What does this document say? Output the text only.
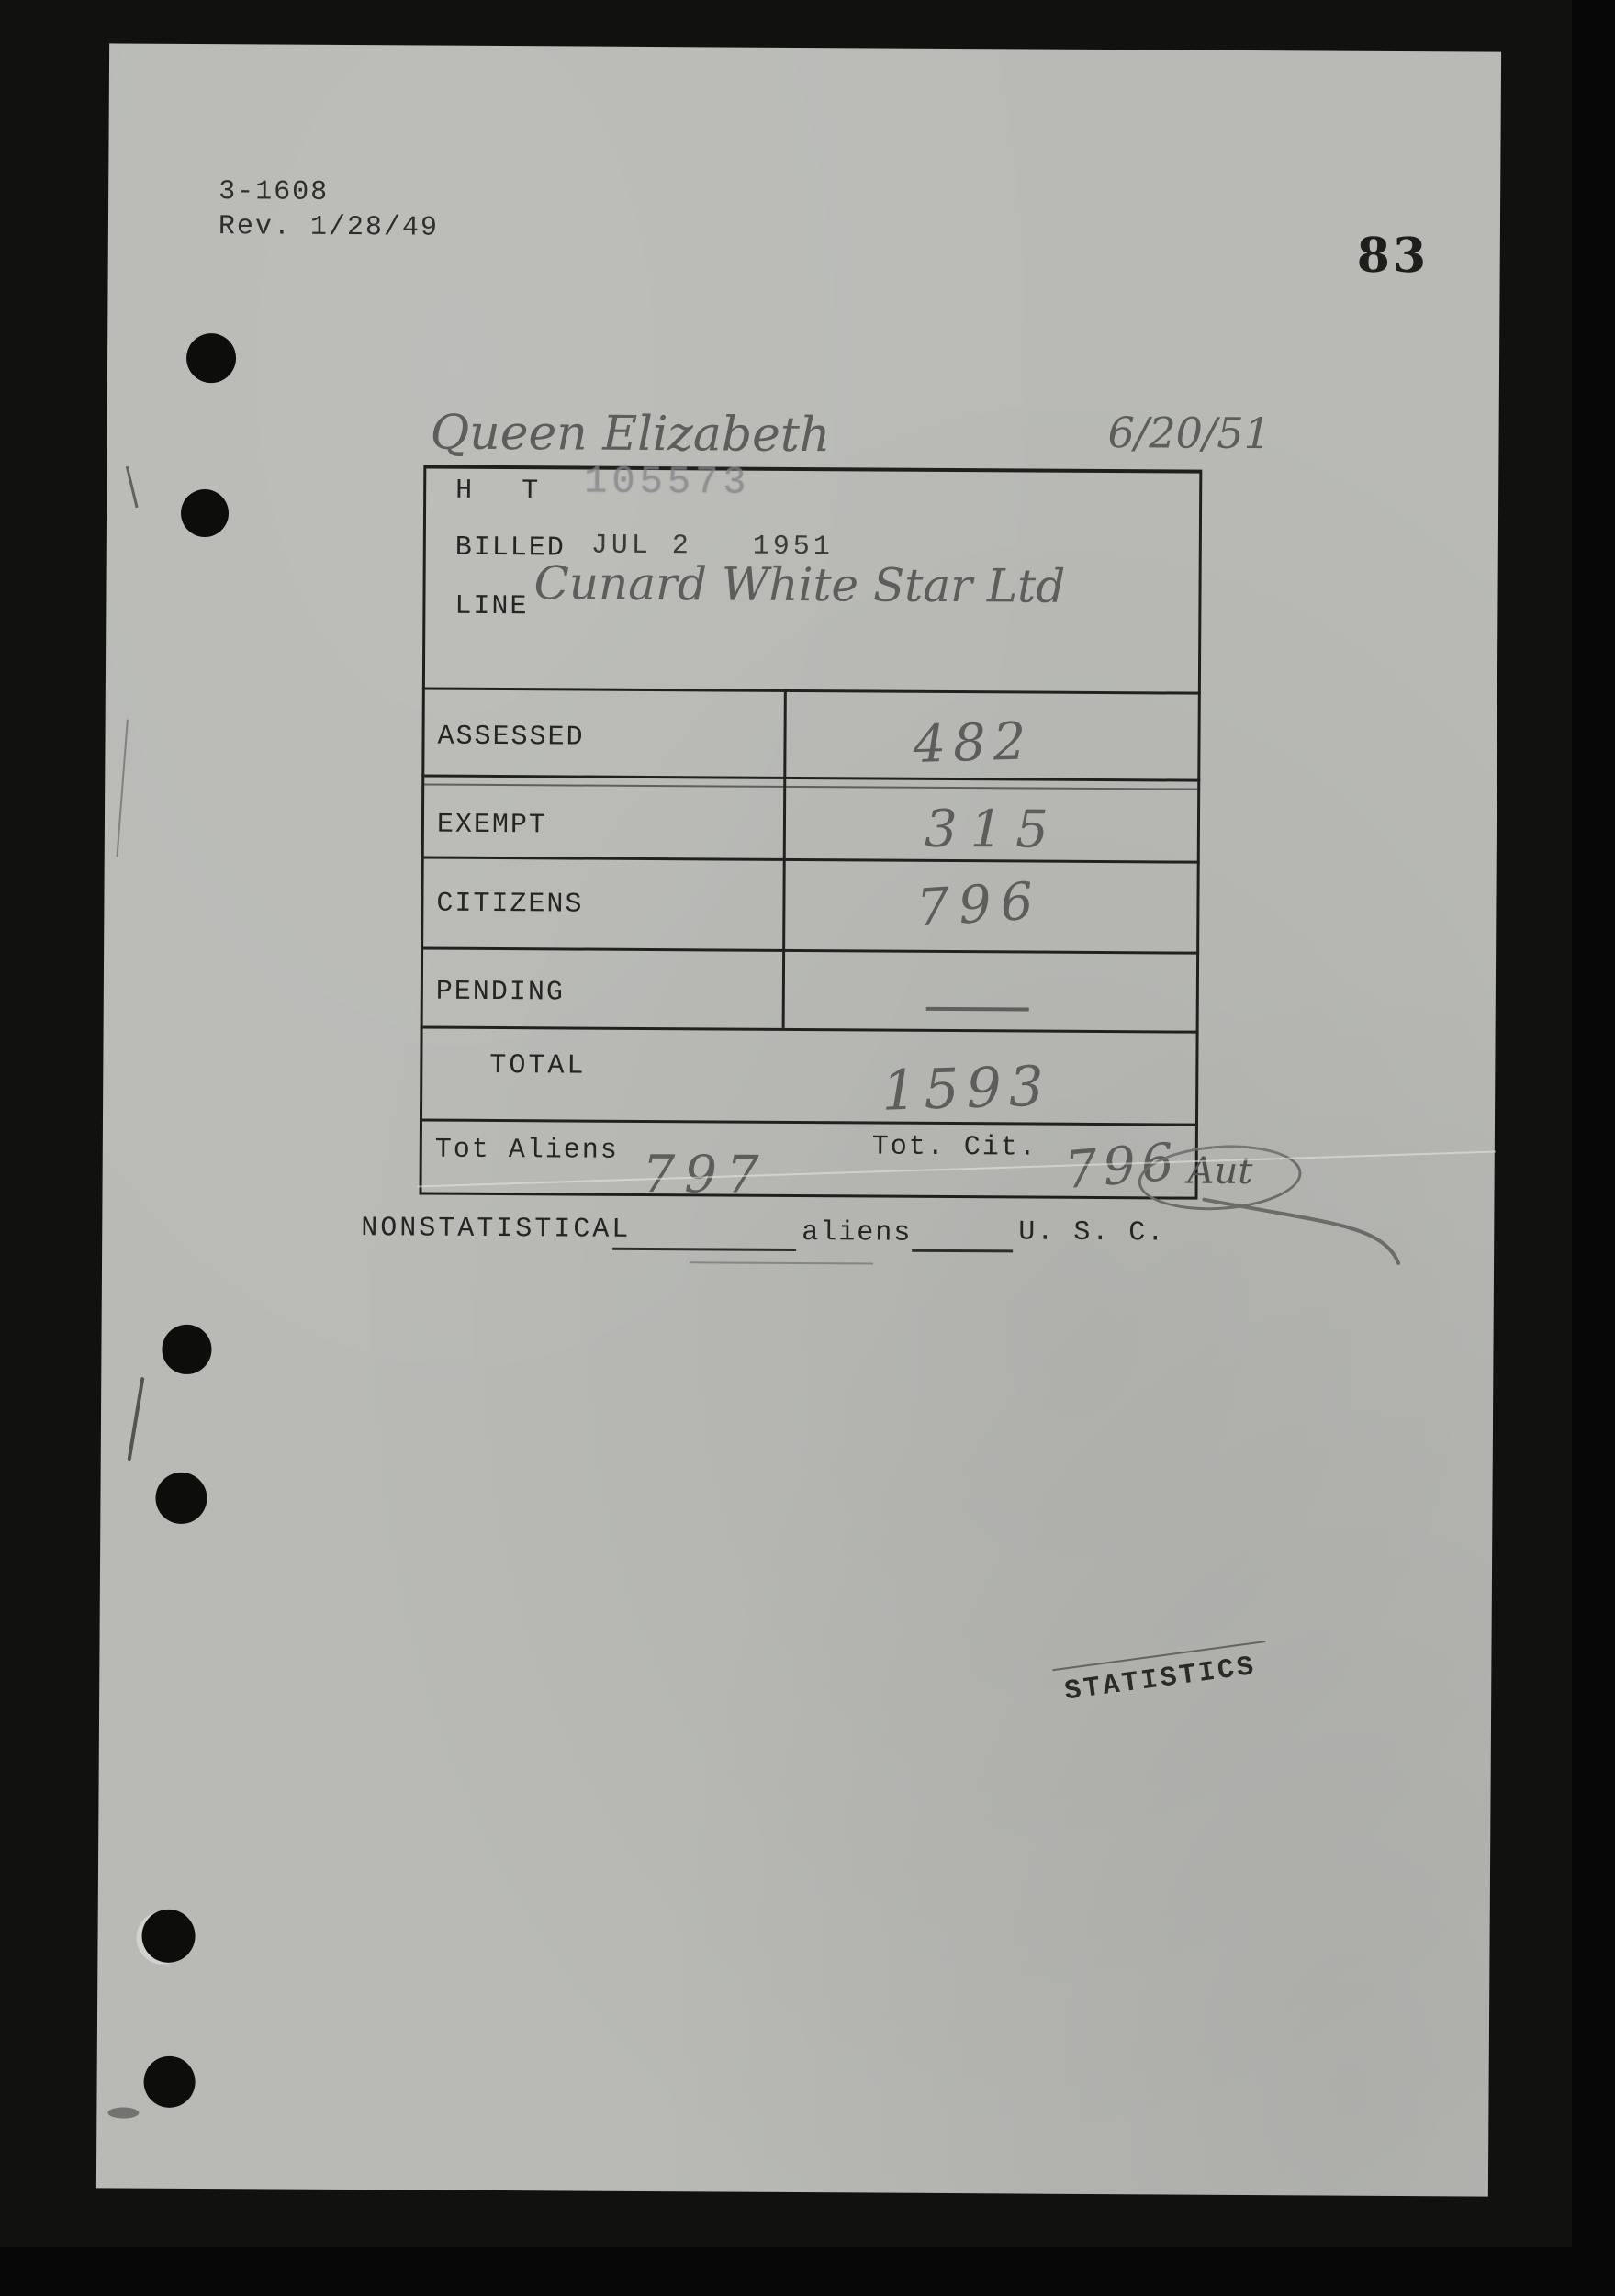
3-1608
Rev. 1/28/49	83
Queen Elizabeth	6/20/51
H T 105573
BILLED JUL 2   1951
LINE Cunard White Star Ltd
ASSESSED	482
EXEMPT	315
CITIZENS	796
PENDING
TOTAL	1593
Tot Aliens 797	Tot. Cit. 796 Aut
NONSTATISTICAL	aliens	U. S. C.
STATISTICS
